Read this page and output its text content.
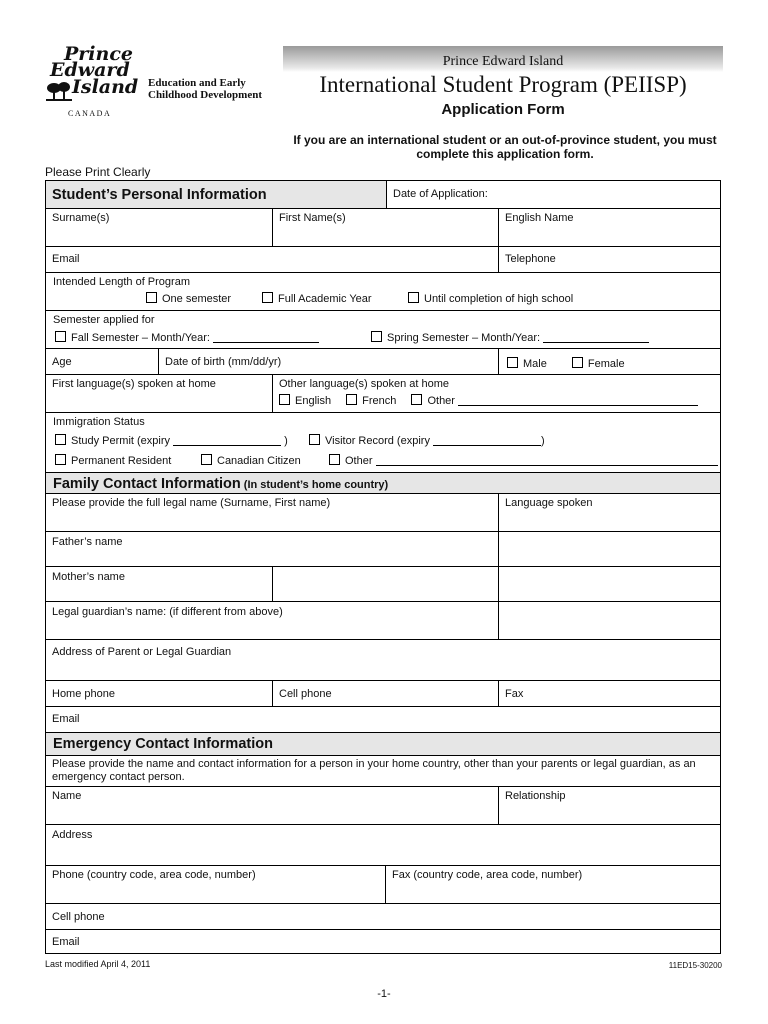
Prince
Edward
Island
CANADA
Education and Early
Childhood Development
Prince Edward Island
International Student Program (PEIISP)
Application Form
If you are an international student or an out-of-province student, you must complete this application form.
Please Print Clearly
Student’s Personal Information	Date of Application:
Surname(s)	First Name(s)	English Name
Email	Telephone
Intended Length of Program
One semester	Full Academic Year	Until completion of high school
Semester applied for
Fall Semester – Month/Year:	Spring Semester – Month/Year:
Age	Date of birth (mm/dd/yr)	Male	Female
First language(s) spoken at home	Other language(s) spoken at home
English	French	Other
Immigration Status
Study Permit (expiry	)	Visitor Record (expiry	)
Permanent Resident	Canadian Citizen	Other
Family Contact Information (In student’s home country)
Please provide the full legal name (Surname, First name)	Language spoken
Father’s name
Mother’s name
Legal guardian’s name: (if different from above)
Address of Parent or Legal Guardian
Home phone	Cell phone	Fax
Email
Emergency Contact Information
Please provide the name and contact information for a person in your home country, other than your parents or legal guardian, as an emergency contact person.
Name	Relationship
Address
Phone (country code, area code, number)	Fax (country code, area code, number)
Cell phone
Email
Last modified April 4, 2011	11ED15-30200
-1-
